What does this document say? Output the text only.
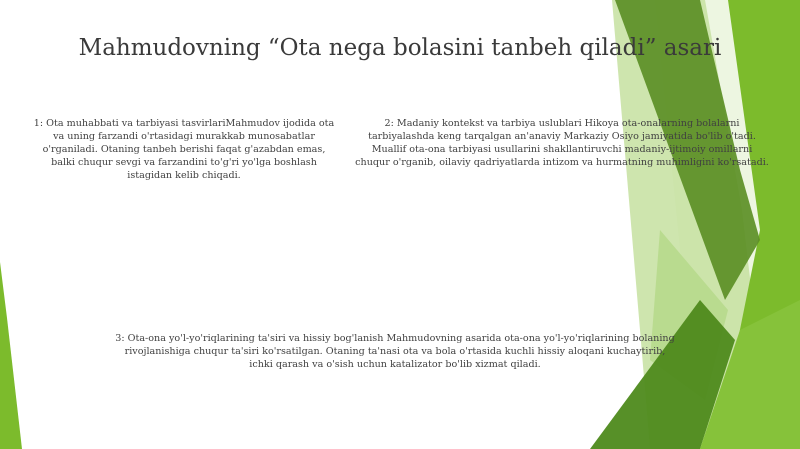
Mahmudovning “Ota nega bolasini tanbeh qiladi” asari
1: Ota muhabbati va tarbiyasi tasvirlariMahmudov ijodida ota va uning farzandi o'rtasidagi murakkab munosabatlar o'rganiladi. Otaning tanbeh berishi faqat g'azabdan emas, balki chuqur sevgi va farzandini to'g'ri yo'lga boshlash istagidan kelib chiqadi.
2: Madaniy kontekst va tarbiya uslublari Hikoya ota-onalarning bolalarni tarbiyalashda keng tarqalgan an'anaviy Markaziy Osiyo jamiyatida bo'lib o'tadi. Muallif ota-ona tarbiyasi usullarini shakllantiruvchi madaniy-ijtimoiy omillarni chuqur o'rganib, oilaviy qadriyatlarda intizom va hurmatning muhimligini ko'rsatadi.
3: Ota-ona yo'l-yo'riqlarining ta'siri va hissiy bog'lanish Mahmudovning asarida ota-ona yo'l-yo'riqlarining bolaning rivojlanishiga chuqur ta'siri ko'rsatilgan. Otaning ta'nasi ota va bola o'rtasida kuchli hissiy aloqani kuchaytirib, ichki qarash va o'sish uchun katalizator bo'lib xizmat qiladi.
